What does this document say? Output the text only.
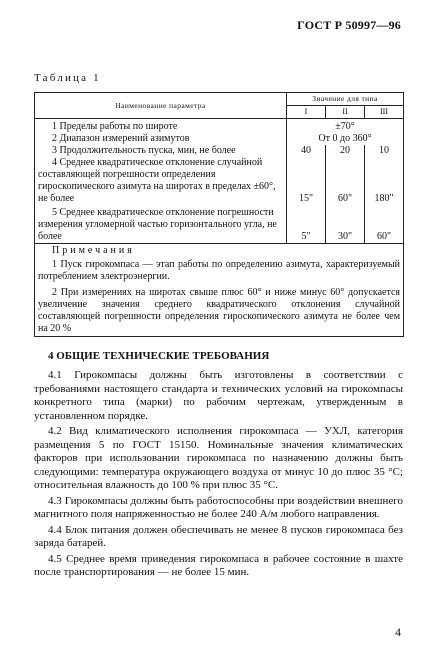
ГОСТ Р 50997—96
Таблица 1
Наименование параметра	Значение для типа		
	I	II	III
1 Пределы работы по широте	±70°		
2 Диапазон измерений азимутов	От 0 до 360°		
3 Продолжительность пуска, мин, не более	40	20	10

4 Среднее квадратическое отклонение случайной составляющей погрешности определения гироскопического азимута на широтах в пределах ±60°, не более	15"	60"	180"

5 Среднее квадратическое отклонение погрешности измерения угломерной частью горизонтального угла, не более	5"	30"	60"

Примечания

1 Пуск гирокомпаса — этап работы по определению азимута, характеризуемый потреблением электроэнергии.

2 При измерениях на широтах свыше плюс 60° и ниже минус 60° допускается увеличение значения среднего квадратического отклонения случайной составляющей погрешности определения гироскопического азимута не более чем на 20 %			

4 ОБЩИЕ ТЕХНИЧЕСКИЕ ТРЕБОВАНИЯ

4.1 Гирокомпасы должны быть изготовлены в соответствии с требованиями настоящего стандарта и технических условий на гирокомпасы конкретного типа (марки) по рабочим чертежам, утвержденным в установленном порядке.

4.2 Вид климатического исполнения гирокомпаса — УХЛ, категория размещения 5 по ГОСТ 15150. Номинальные значения климатических факторов при использовании гирокомпаса по назначению должны быть следующими: температура окружающего воздуха от минус 10 до плюс 35 °С; относительная влажность до 100 % при плюс 35 °С.

4.3 Гирокомпасы должны быть работоспособны при воздействии внешнего магнитного поля напряженностью не более 240 А/м любого направления.

4.4 Блок питания должен обеспечивать не менее 8 пусков гирокомпаса без заряда батарей.

4.5 Среднее время приведения гирокомпаса в рабочее состояние в шахте после транспортирования — не более 15 мин.

4
